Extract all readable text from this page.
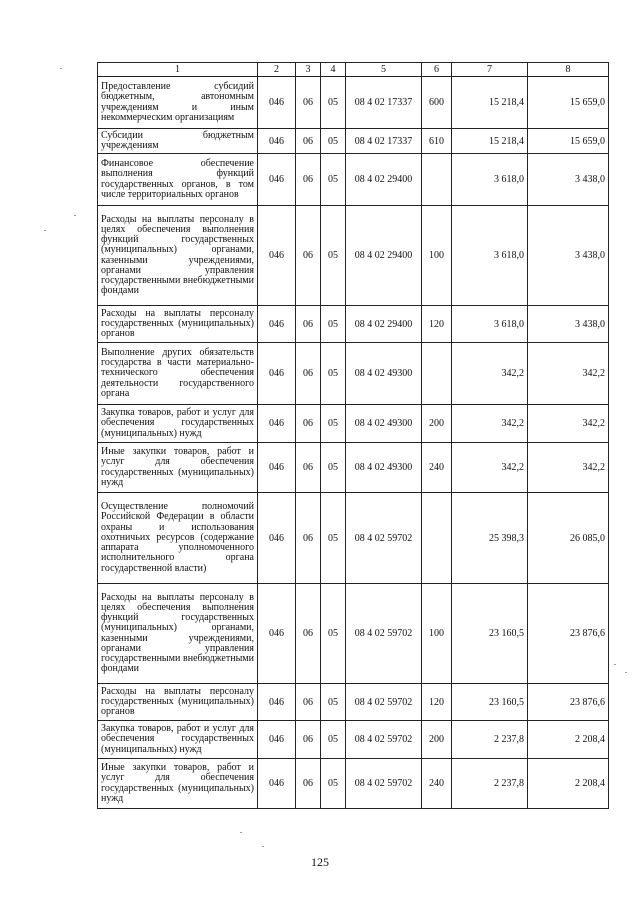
1	2	3	4	5	6	7	8
Предоставление субсидий бюджетным, автономным учреждениям и иным некоммерческим организациям	046	06	05	08 4 02 17337	600	15 218,4	15 659,0
Субсидии бюджетным учреждениям	046	06	05	08 4 02 17337	610	15 218,4	15 659,0
Финансовое обеспечение выполнения функций государственных органов, в том числе территориальных органов	046	06	05	08 4 02 29400		3 618,0	3 438,0
Расходы на выплаты персоналу в целях обеспечения выполнения функций государственных (муниципальных) органами, казенными учреждениями, органами управления государственными внебюджетными фондами	046	06	05	08 4 02 29400	100	3 618,0	3 438,0
Расходы на выплаты персоналу государственных (муниципальных) органов	046	06	05	08 4 02 29400	120	3 618,0	3 438,0
Выполнение других обязательств государства в части материально-технического обеспечения деятельности государственного органа	046	06	05	08 4 02 49300		342,2	342,2
Закупка товаров, работ и услуг для обеспечения государственных (муниципальных) нужд	046	06	05	08 4 02 49300	200	342,2	342,2
Иные закупки товаров, работ и услуг для обеспечения государственных (муниципальных) нужд	046	06	05	08 4 02 49300	240	342,2	342,2
Осуществление полномочий Российской Федерации в области охраны и использования охотничьих ресурсов (содержание аппарата уполномоченного исполнительного органа государственной власти)	046	06	05	08 4 02 59702		25 398,3	26 085,0
Расходы на выплаты персоналу в целях обеспечения выполнения функций государственных (муниципальных) органами, казенными учреждениями, органами управления государственными внебюджетными фондами	046	06	05	08 4 02 59702	100	23 160,5	23 876,6
Расходы на выплаты персоналу государственных (муниципальных) органов	046	06	05	08 4 02 59702	120	23 160,5	23 876,6
Закупка товаров, работ и услуг для обеспечения государственных (муниципальных) нужд	046	06	05	08 4 02 59702	200	2 237,8	2 208,4
Иные закупки товаров, работ и услуг для обеспечения государственных (муниципальных) нужд	046	06	05	08 4 02 59702	240	2 237,8	2 208,4
125
